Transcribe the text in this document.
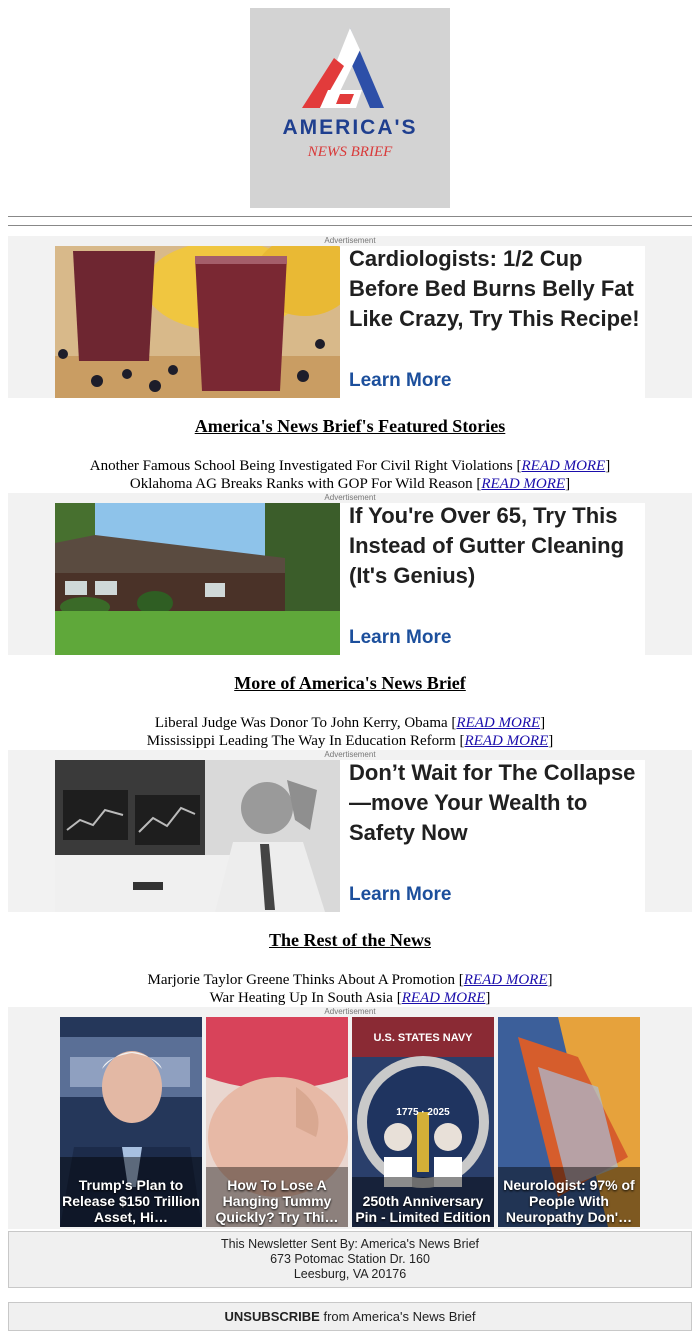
AMERICA'S
NEWS BRIEF
Advertisement
Cardiologists: 1/2 Cup Before Bed Burns Belly Fat Like Crazy, Try This Recipe!
Learn More
America's News Brief's Featured Stories
Another Famous School Being Investigated For Civil Right Violations [READ MORE]
Oklahoma AG Breaks Ranks with GOP For Wild Reason [READ MORE]
Advertisement
If You're Over 65, Try This Instead of Gutter Cleaning (It's Genius)
Learn More
More of America's News Brief
Liberal Judge Was Donor To John Kerry, Obama [READ MORE]
Mississippi Leading The Way In Education Reform [READ MORE]
Advertisement
Don’t Wait for The Collapse—move Your Wealth to Safety Now
Learn More
The Rest of the News
Marjorie Taylor Greene Thinks About A Promotion [READ MORE]
War Heating Up In South Asia [READ MORE]
Advertisement
Trump's Plan to Release $150 Trillion Asset, Hi…
How To Lose A Hanging Tummy Quickly? Try Thi…
U.S. STATES NAVY
1775 · 2025
250th Anniversary Pin - Limited Edition
Neurologist: 97% of People With Neuropathy Don'…
This Newsletter Sent By: America's News Brief
673 Potomac Station Dr. 160
Leesburg, VA 20176
UNSUBSCRIBE from America's News Brief
